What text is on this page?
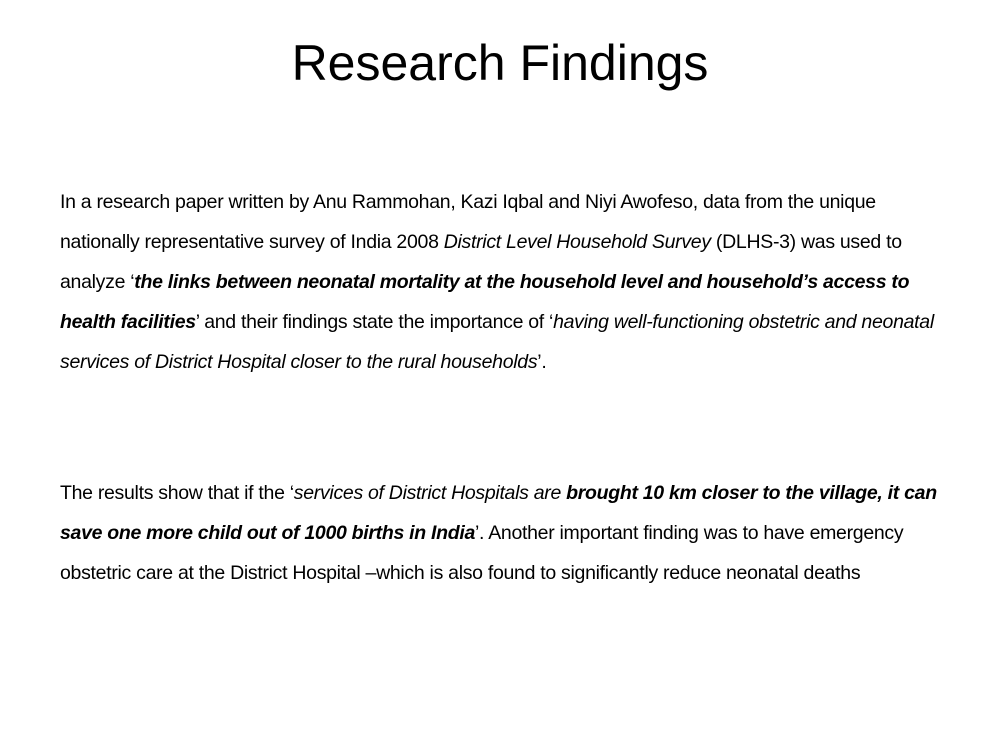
Research Findings

In a research paper written by Anu Rammohan, Kazi Iqbal and Niyi Awofeso, data from the unique nationally representative survey of India 2008 District Level Household Survey (DLHS-3) was used to analyze ‘the links between neonatal mortality at the household level and household’s access to health facilities’ and their findings state the importance of ‘having well-functioning obstetric and neonatal services of District Hospital closer to the rural households’.

The results show that if the ‘services of District Hospitals are brought 10 km closer to the village, it can save one more child out of 1000 births in India’. Another important finding was to have emergency obstetric care at the District Hospital –which is also found to significantly reduce neonatal deaths
